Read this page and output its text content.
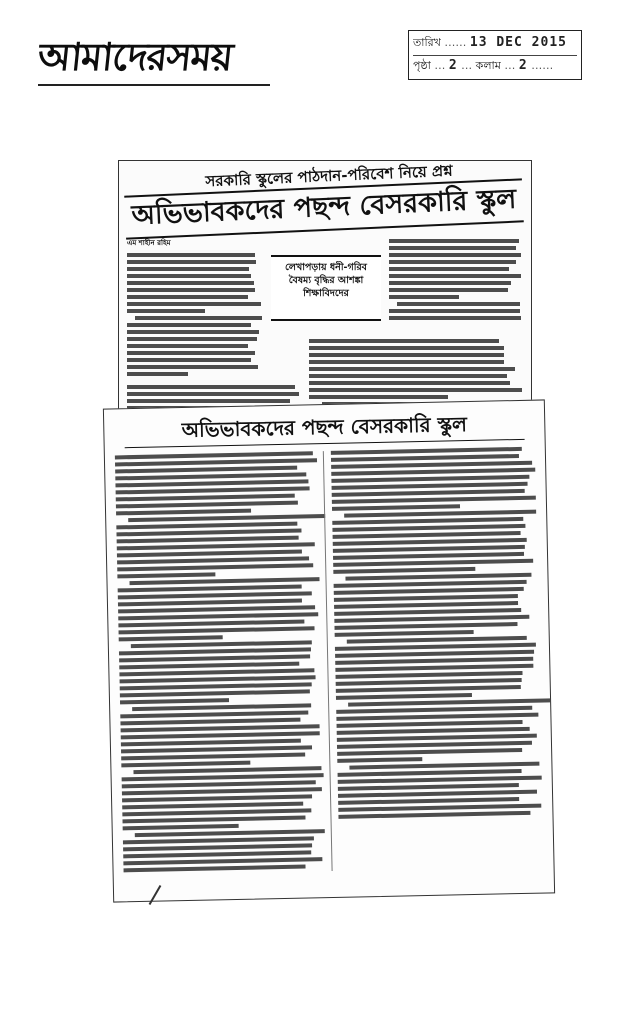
আমাদেরসময়	তারিখ …… 13 DEC 2015
পৃষ্ঠা … 2 … কলাম … 2 ……
সরকারি স্কুলের পাঠদান-পরিবেশ নিয়ে প্রশ্ন
অভিভাবকদের পছন্দ বেসরকারি স্কুল
এম শাহীন রহিম
লেখাপড়ায় ধনী-গরিব বৈষম্য বৃদ্ধির আশঙ্কা শিক্ষাবিদদের
অভিভাবকদের পছন্দ বেসরকারি স্কুল
